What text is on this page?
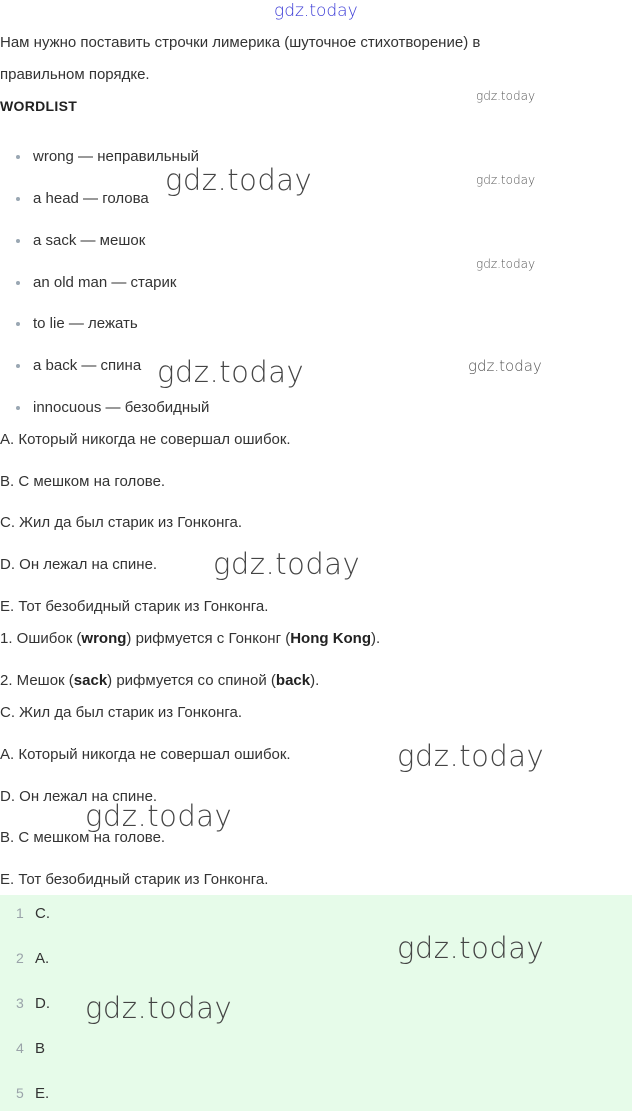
gdz.today
Нам нужно поставить строчки лимерика (шуточное стихотворение) в
правильном порядке.
WORDLIST
wrong — неправильный
a head — голова
a sack — мешок
an old man — старик
to lie — лежать
a back — спина
innocuous — безобидный
A. Который никогда не совершал ошибок.
B. С мешком на голове.
C. Жил да был старик из Гонконга.
D. Он лежал на спине.
E. Тот безобидный старик из Гонконга.
1. Ошибок (wrong) рифмуется с Гонконг (Hong Kong).
2. Мешок (sack) рифмуется со спиной (back).
C. Жил да был старик из Гонконга.
A. Который никогда не совершал ошибок.
D. Он лежал на спине.
B. С мешком на голове.
E. Тот безобидный старик из Гонконга.
1 C.
2 A.
3 D.
4 B
5 E.
gdz.today
gdz.today
gdz.today
gdz.today
gdz.today
gdz.today
gdz.today
gdz.today
gdz.today
gdz.today
gdz.today
